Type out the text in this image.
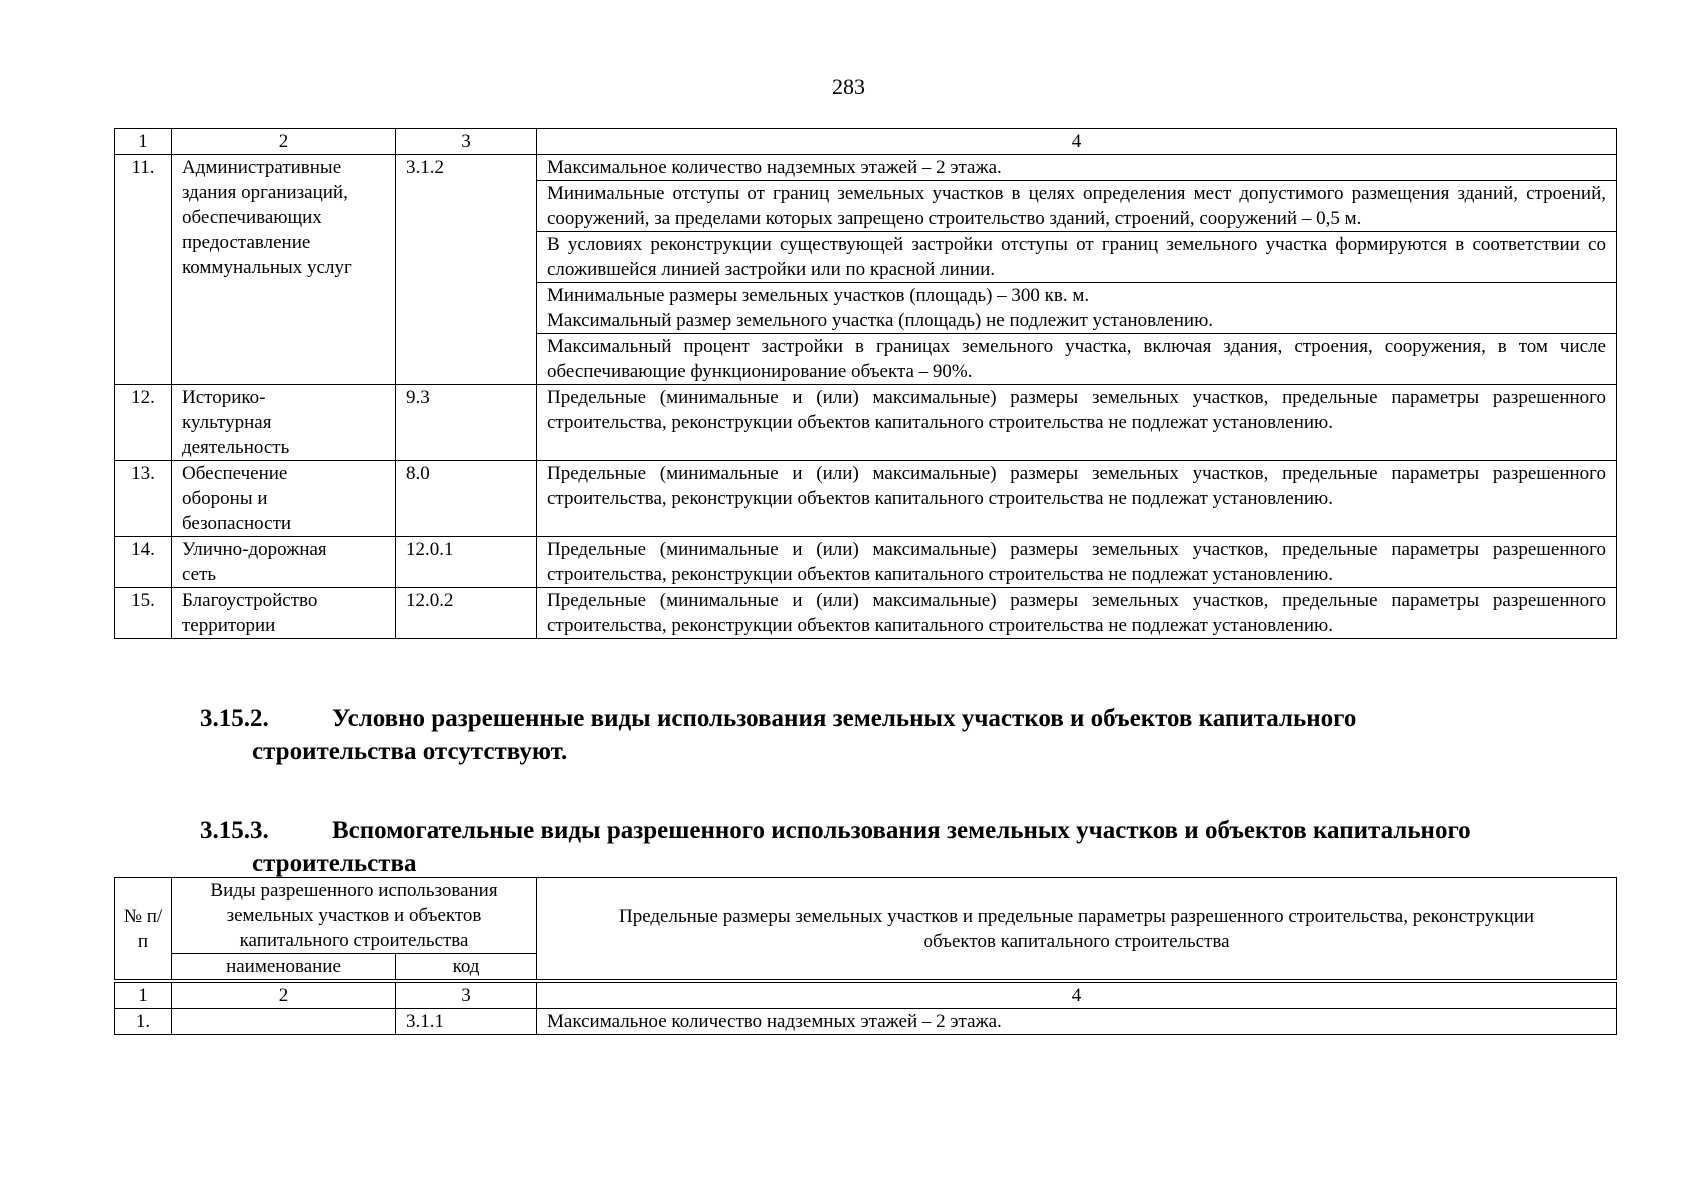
283
1	2	3	4
11.	Административные здания организаций, обеспечивающих предоставление коммунальных услуг	3.1.2	Максимальное количество надземных этажей – 2 этажа.
			Минимальные отступы от границ земельных участков в целях определения мест допустимого размещения зданий, строений, сооружений, за пределами которых запрещено строительство зданий, строений, сооружений – 0,5 м.
			В условиях реконструкции существующей застройки отступы от границ земельного участка формируются в соответствии со сложившейся линией застройки или по красной линии.

			Минимальные размеры земельных участков (площадь) – 300 кв. м.
Максимальный размер земельного участка (площадь) не подлежит установлению.

			Максимальный процент застройки в границах земельного участка, включая здания, строения, сооружения, в том числе обеспечивающие функционирование объекта – 90%.
12.	Историко-культурная деятельность	9.3	Предельные (минимальные и (или) максимальные) размеры земельных участков, предельные параметры разрешенного строительства, реконструкции объектов капитального строительства не подлежат установлению.
13.	Обеспечение обороны и безопасности	8.0	Предельные (минимальные и (или) максимальные) размеры земельных участков, предельные параметры разрешенного строительства, реконструкции объектов капитального строительства не подлежат установлению.
14.	Улично-дорожная сеть	12.0.1	Предельные (минимальные и (или) максимальные) размеры земельных участков, предельные параметры разрешенного строительства, реконструкции объектов капитального строительства не подлежат установлению.
15.	Благоустройство территории	12.0.2	Предельные (минимальные и (или) максимальные) размеры земельных участков, предельные параметры разрешенного строительства, реконструкции объектов капитального строительства не подлежат установлению.
3.15.2.	Условно разрешенные виды использования земельных участков и объектов капитального
строительства отсутствуют.
3.15.3.	Вспомогательные виды разрешенного использования земельных участков и объектов капитального
строительства
№ п/п	Виды разрешенного использования земельных участков и объектов капитального строительства		Предельные размеры земельных участков и предельные параметры разрешенного строительства, реконструкции объектов капитального строительства
	наименование	код	
1	2	3	4
1.		3.1.1	Максимальное количество надземных этажей – 2 этажа.
